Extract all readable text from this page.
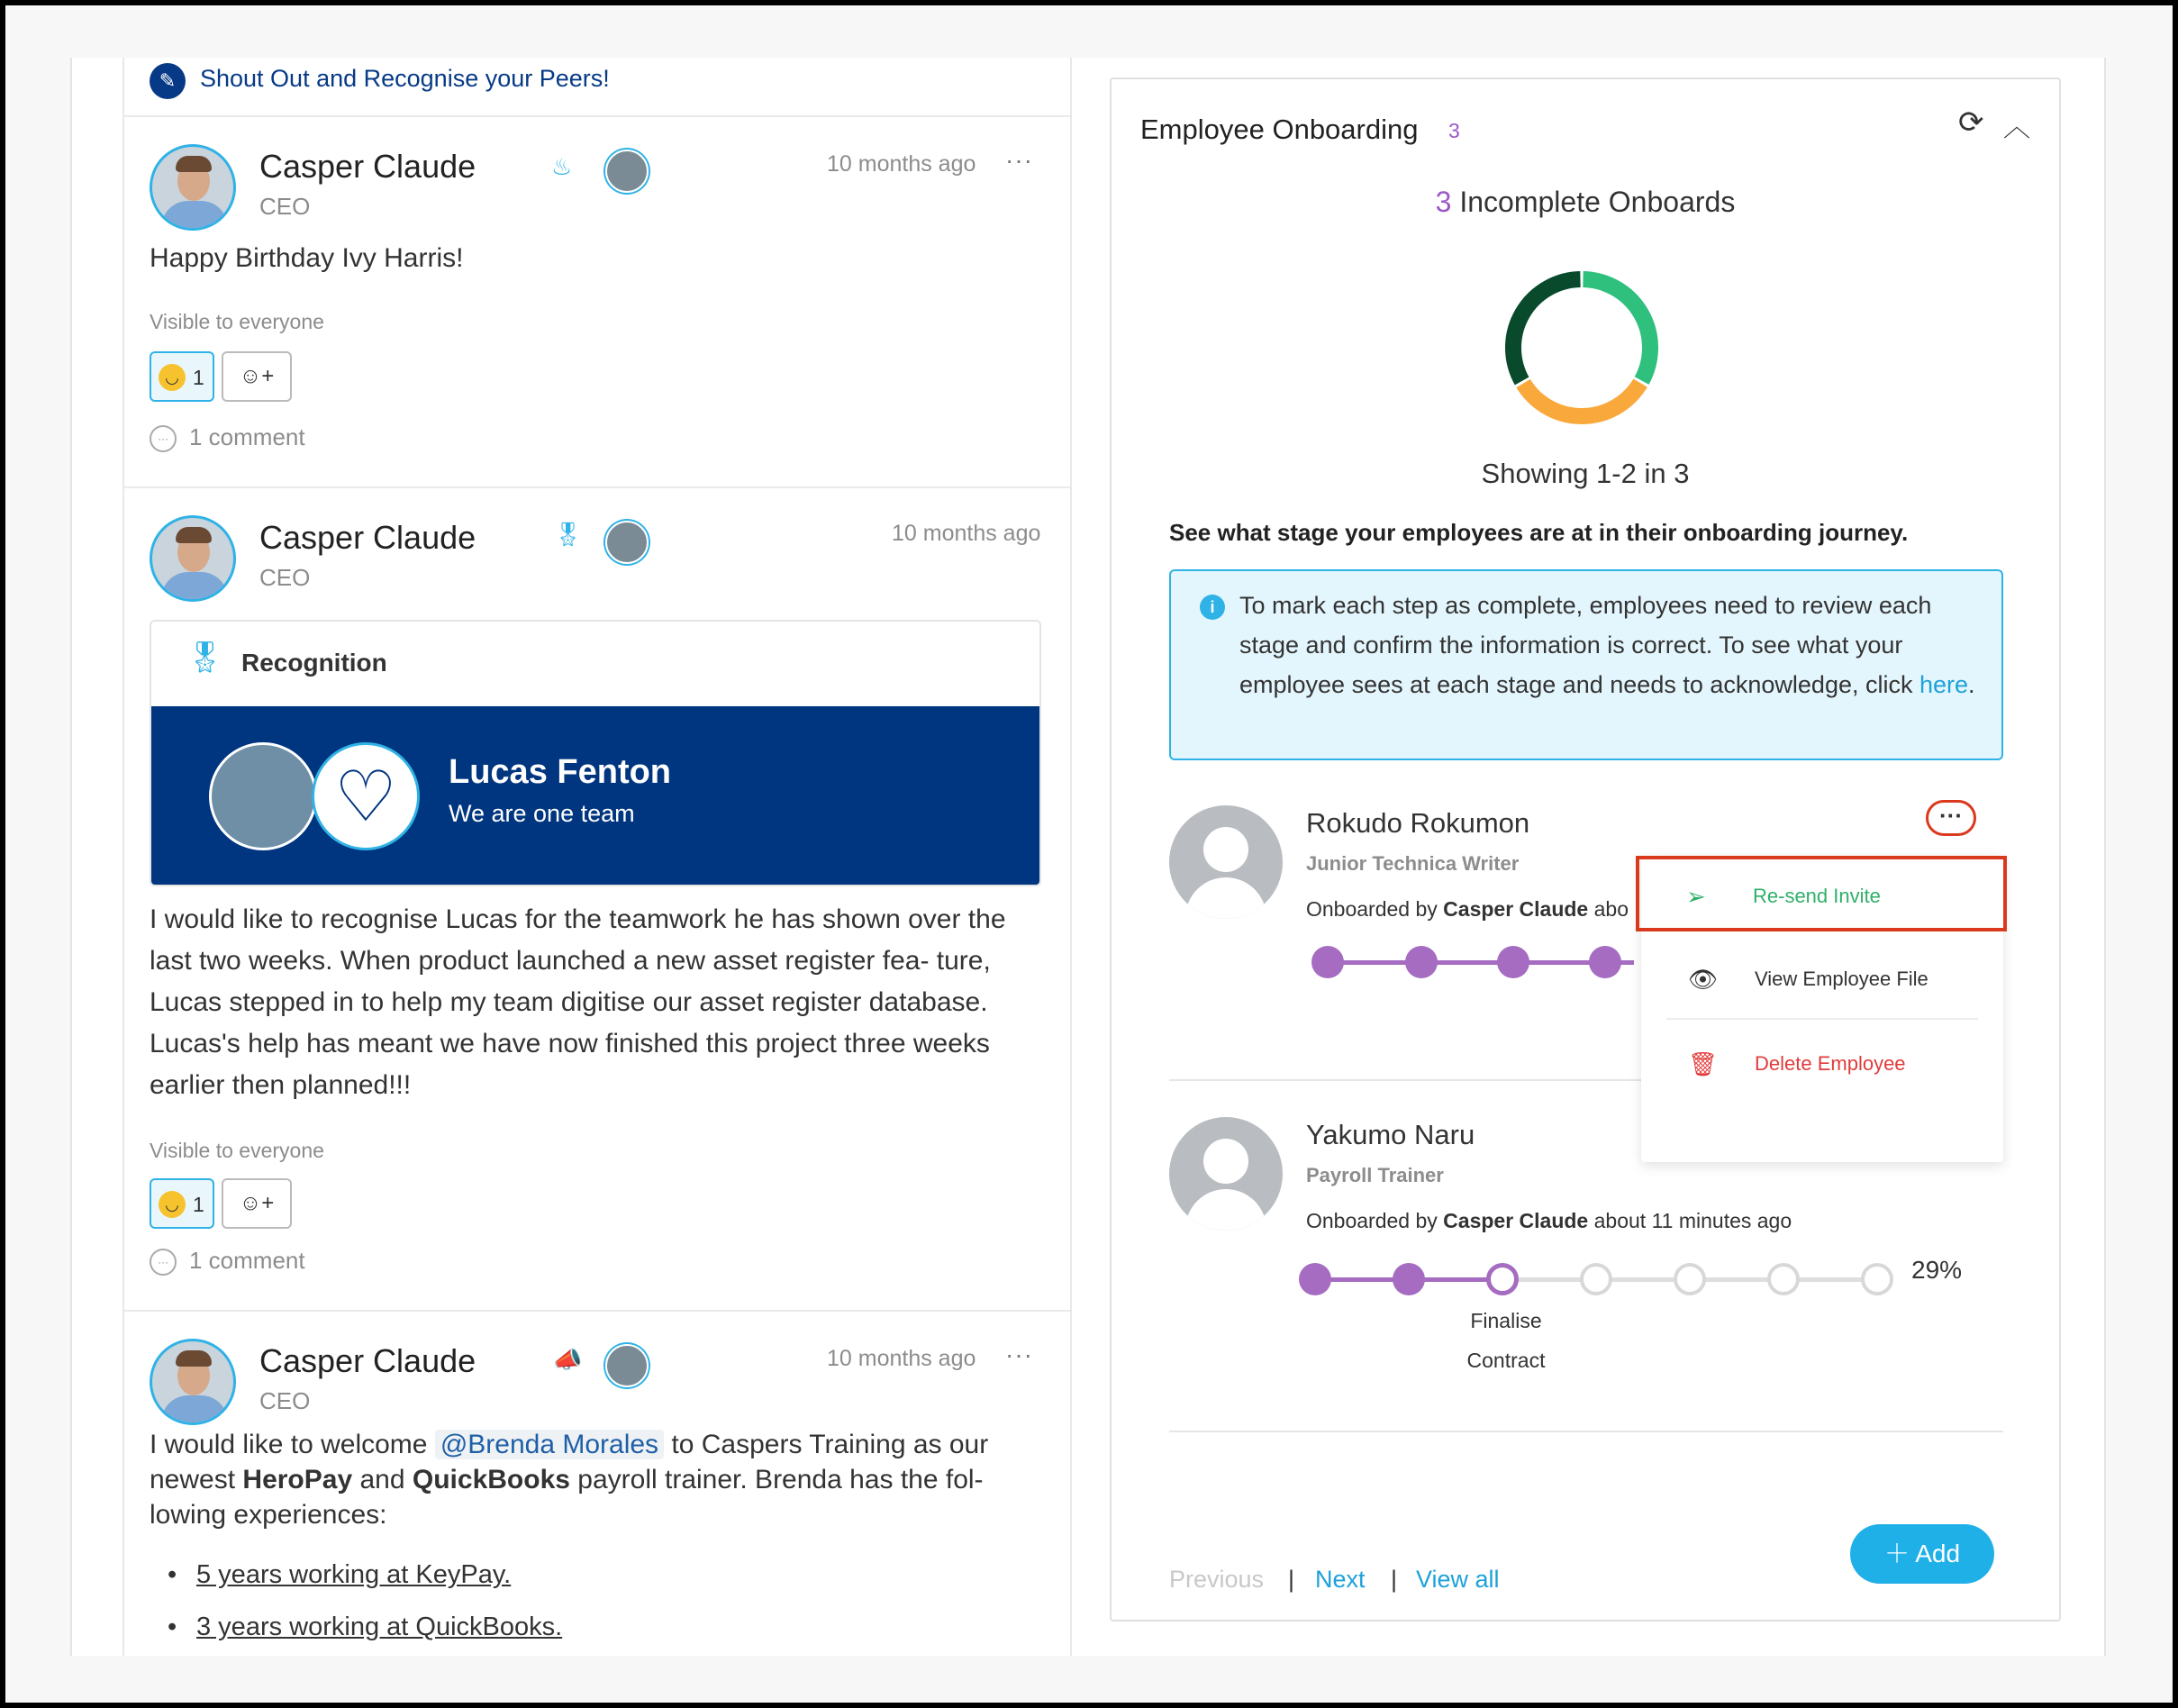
✎ Shout Out and Recognise your Peers!
Casper Claude	♨
CEO
10 months ago ···
Happy Birthday Ivy Harris!
Visible to everyone
◡ 1	☺+
··· 1 comment
Casper Claude	🎖
CEO
10 months ago
🎖 Recognition
♡	Lucas Fenton
We are one team
I would like to recognise Lucas for the teamwork he has shown over the last two weeks. When product launched a new asset register fea- ture, Lucas stepped in to help my team digitise our asset register database. Lucas's help has meant we have now finished this project three weeks earlier then planned!!!
Visible to everyone
◡ 1	☺+
··· 1 comment
Casper Claude	📣
CEO
10 months ago ···
I would like to welcome @Brenda Morales to Caspers Training as our newest HeroPay and QuickBooks payroll trainer. Brenda has the fol- lowing experiences:
• 5 years working at KeyPay.
• 3 years working at QuickBooks.
Employee Onboarding 3	⟳ ︿
3 Incomplete Onboards
Showing 1-2 in 3
See what stage your employees are at in their onboarding journey.
i	To mark each step as complete, employees need to review each stage and confirm the information is correct. To see what your employee sees at each stage and needs to acknowledge, click here.
Rokudo Rokumon
Junior Technica Writer
Onboarded by Casper Claude abo
···
Yakumo Naru
Payroll Trainer
Onboarded by Casper Claude about 11 minutes ago
29%
Finalise
Contract
➢ Re-send Invite
👁 View Employee File
🗑 Delete Employee
Previous | Next | View all
＋ Add
